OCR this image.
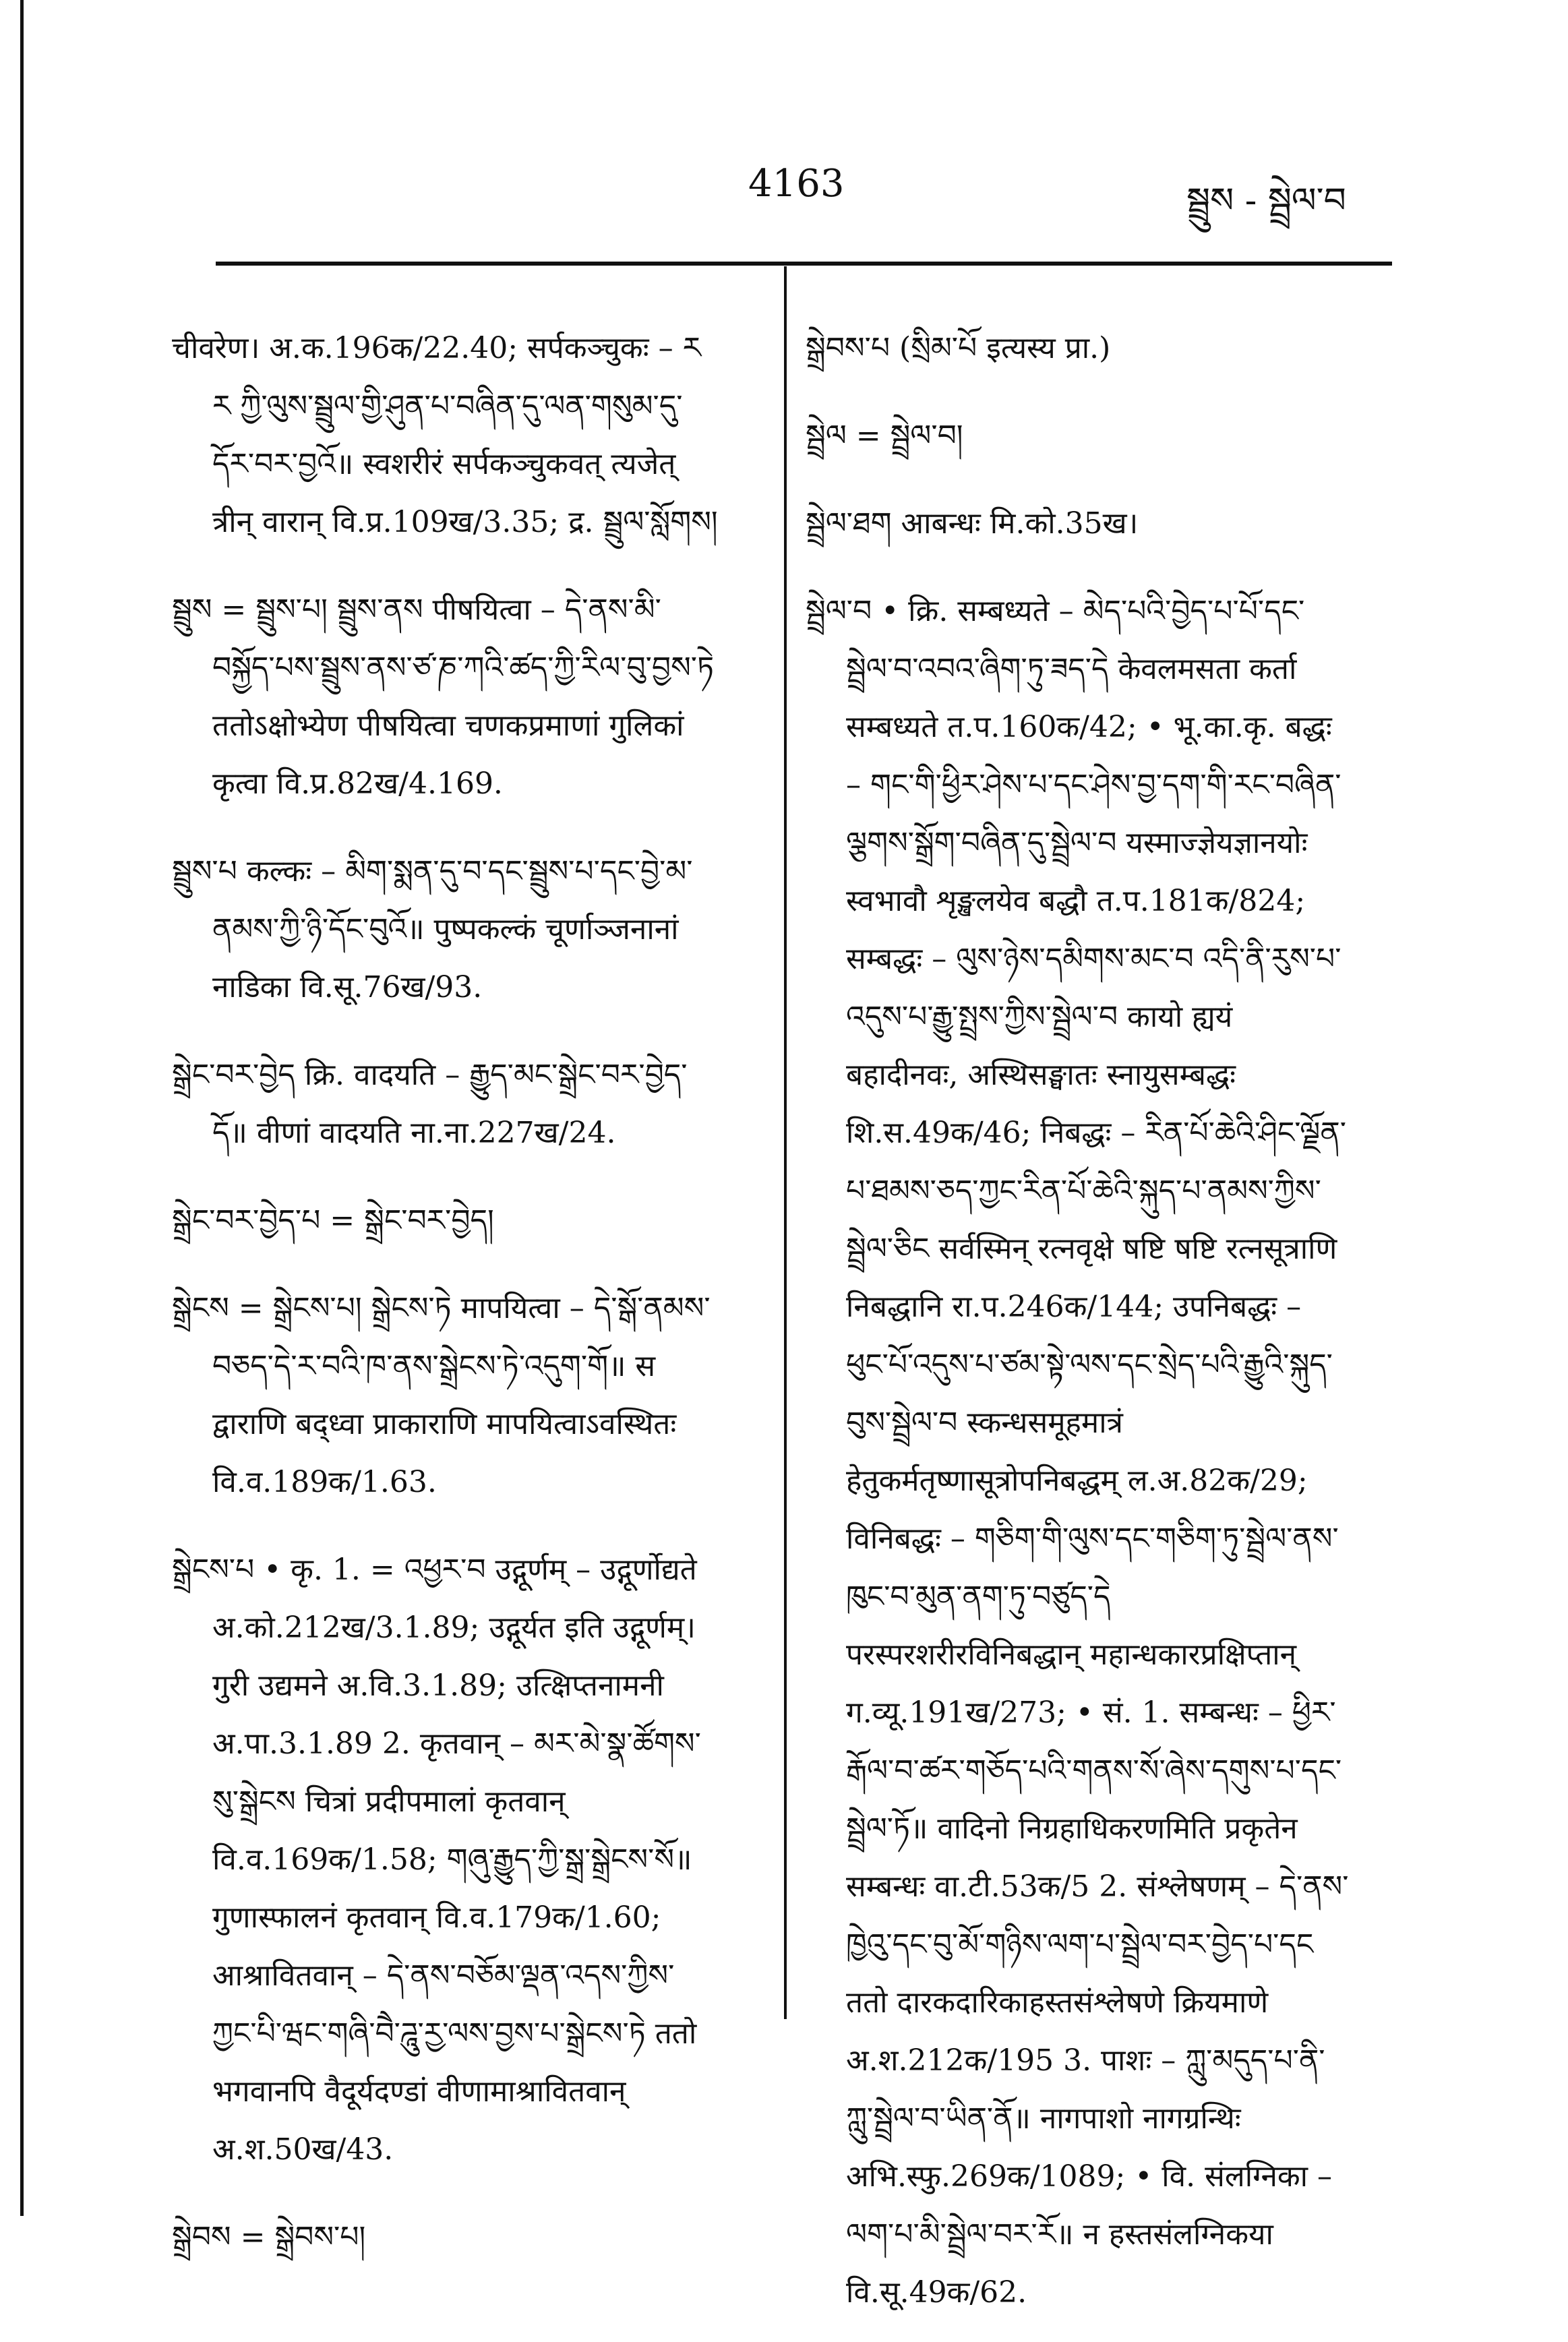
4163	སྦྲུས - སྦྲེལ་བ

चीवरेण। अ.क.196क/22.40; सर्पकञ्चुकः – ར ར ཀྱི་ལུས་སྦྲུལ་གྱི་ཤུན་པ་བཞིན་དུ་ལན་གསུམ་དུ་དོར་བར་བྱའོ॥ स्वशरीरं सर्पकञ्चुकवत् त्यजेत् त्रीन् वारान् वि.प्र.109ख/3.35; द्र. སྦྲུལ་སློགས།

སྦྲུས = སྦྲུས་པ། སྦྲུས་ནས पीषयित्वा – དེ་ནས་མི་བསྐྱོད་པས་སྦྲུས་ནས་ཙ་ཎ་ཀའི་ཚད་ཀྱི་རིལ་བུ་བྱས་ཏེ ततोऽक्षोभ्येण पीषयित्वा चणकप्रमाणां गुलिकां कृत्वा वि.प्र.82ख/4.169.

སྦྲུས་པ कल्कः – མིག་སྨན་དུ་བ་དང་སྦྲུས་པ་དང་བྱེ་མ་ནམས་ཀྱི་ཉི་དོང་བུའོ॥ पुष्पकल्कं चूर्णाञ्जनानां नाडिका वि.सू.76ख/93.

སྒྲེང་བར་བྱེད क्रि. वादयति – རྒྱུད་མང་སྒྲེང་བར་བྱེད་དོ॥ वीणां वादयति ना.ना.227ख/24.

སྒྲེང་བར་བྱེད་པ = སྒྲེང་བར་བྱེད།

སྒྲེངས = སྒྲེངས་པ། སྒྲེངས་ཏེ मापयित्वा – དེ་སྒོ་ནམས་བཅད་དེ་ར་བའི་ཁ་ནས་སྒྲེངས་ཏེ་འདུག་གོ॥ स द्वाराणि बद्ध्वा प्राकाराणि मापयित्वाऽवस्थितः वि.व.189क/1.63.

སྒྲེངས་པ • कृ. 1. = འཕྱར་བ उद्गूर्णम् – उद्गूर्णोद्यते अ.को.212ख/3.1.89; उद्गूर्यत इति उद्गूर्णम्। गुरी उद्यमने अ.वि.3.1.89; उत्क्षिप्तनामनी अ.पा.3.1.89 2. कृतवान् – མར་མེ་སྣ་ཚོགས་སུ་སྒྲེངས चित्रां प्रदीपमालां कृतवान् वि.व.169क/1.58; གཞུ་རྒྱུད་ཀྱི་སྒྲ་སྒྲེངས་སོ॥ गुणास्फालनं कृतवान् वि.व.179क/1.60; आश्रावितवान् – དེ་ནས་བཅོམ་ལྡན་འདས་ཀྱིས་ཀྱང་པི་ཝང་གཞི་བཻ་ཌཱུ་རྱ་ལས་བྱས་པ་སྒྲེངས་ཏེ ततो भगवानपि वैदूर्यदण्डां वीणामाश्रावितवान् अ.श.50ख/43.

སྒྲེབས = སྒྲེབས་པ།

སྒྲེབས་པ (སྲིམ་པོ इत्यस्य प्रा.)

སྦྲེལ = སྦྲེལ་བ།

སྦྲེལ་ཐག आबन्धः मि.को.35ख।

སྦྲེལ་བ • क्रि. सम्बध्यते – མེད་པའི་བྱེད་པ་པོ་དང་སྦྲེལ་བ་འབའ་ཞིག་ཏུ་ཟད་དེ केवलमसता कर्ता सम्बध्यते त.प.160क/42; • भू.का.कृ. बद्धः – གང་གི་ཕྱིར་ཤེས་པ་དང་ཤེས་བྱ་དག་གི་རང་བཞིན་ལྕགས་སྒྲོག་བཞིན་དུ་སྦྲེལ་བ यस्माज्ज्ञेयज्ञानयोः स्वभावौ शृङ्खलयेव बद्धौ त.प.181क/824; सम्बद्धः – ལུས་ཉེས་དམིགས་མང་བ འདི་ནི་རུས་པ་འདུས་པ་རྒྱུ་སྤྲས་ཀྱིས་སྦྲེལ་བ कायो ह्ययं बहादीनवः, अस्थिसङ्घातः स्नायुसम्बद्धः शि.स.49क/46; निबद्धः – རིན་པོ་ཆེའི་ཤིང་ལྗོན་པ་ཐམས་ཅད་ཀྱང་རིན་པོ་ཆེའི་སྐུད་པ་ནམས་ཀྱིས་སྦྲེལ་ཅིང सर्वस्मिन् रत्नवृक्षे षष्टि षष्टि रत्नसूत्राणि निबद्धानि रा.प.246क/144; उपनिबद्धः – ཕུང་པོ་འདུས་པ་ཙམ་སྟེ་ལས་དང་སྲེད་པའི་རྒྱུའི་སྐུད་བུས་སྦྲེལ་བ स्कन्धसमूहमात्रं हेतुकर्मतृष्णासूत्रोपनिबद्धम् ल.अ.82क/29; विनिबद्धः – གཅིག་གི་ལུས་དང་གཅིག་ཏུ་སྦྲེལ་ནས་ཁུང་བ་མུན་ནག་ཏུ་བཙུད་དེ परस्परशरीरविनिबद्धान् महान्धकारप्रक्षिप्तान् ग.व्यू.191ख/273; • सं. 1. सम्बन्धः – ཕྱིར་རྒོལ་བ་ཚར་གཅོད་པའི་གནས་སོ་ཞེས་དགུས་པ་དང་སྦྲེལ་ཏོ॥ वादिनो निग्रहाधिकरणमिति प्रकृतेन सम्बन्धः वा.टी.53क/5 2. संश्लेषणम् – དེ་ནས་ཁྱེའུ་དང་བུ་མོ་གཉིས་ལག་པ་སྦྲེལ་བར་བྱེད་པ་དང ततो दारकदारिकाहस्तसंश्लेषणे क्रियमाणे अ.श.212क/195 3. पाशः – ཀླུ་མདུད་པ་ནི་ཀླུ་སྦྲེལ་བ་ཡིན་ནོ॥ नागपाशो नागग्रन्थिः अभि.स्फु.269क/1089; • वि. संलग्निका – ལག་པ་མི་སྦྲེལ་བར་རོ॥ न हस्तसंलग्निकया वि.सू.49क/62.
